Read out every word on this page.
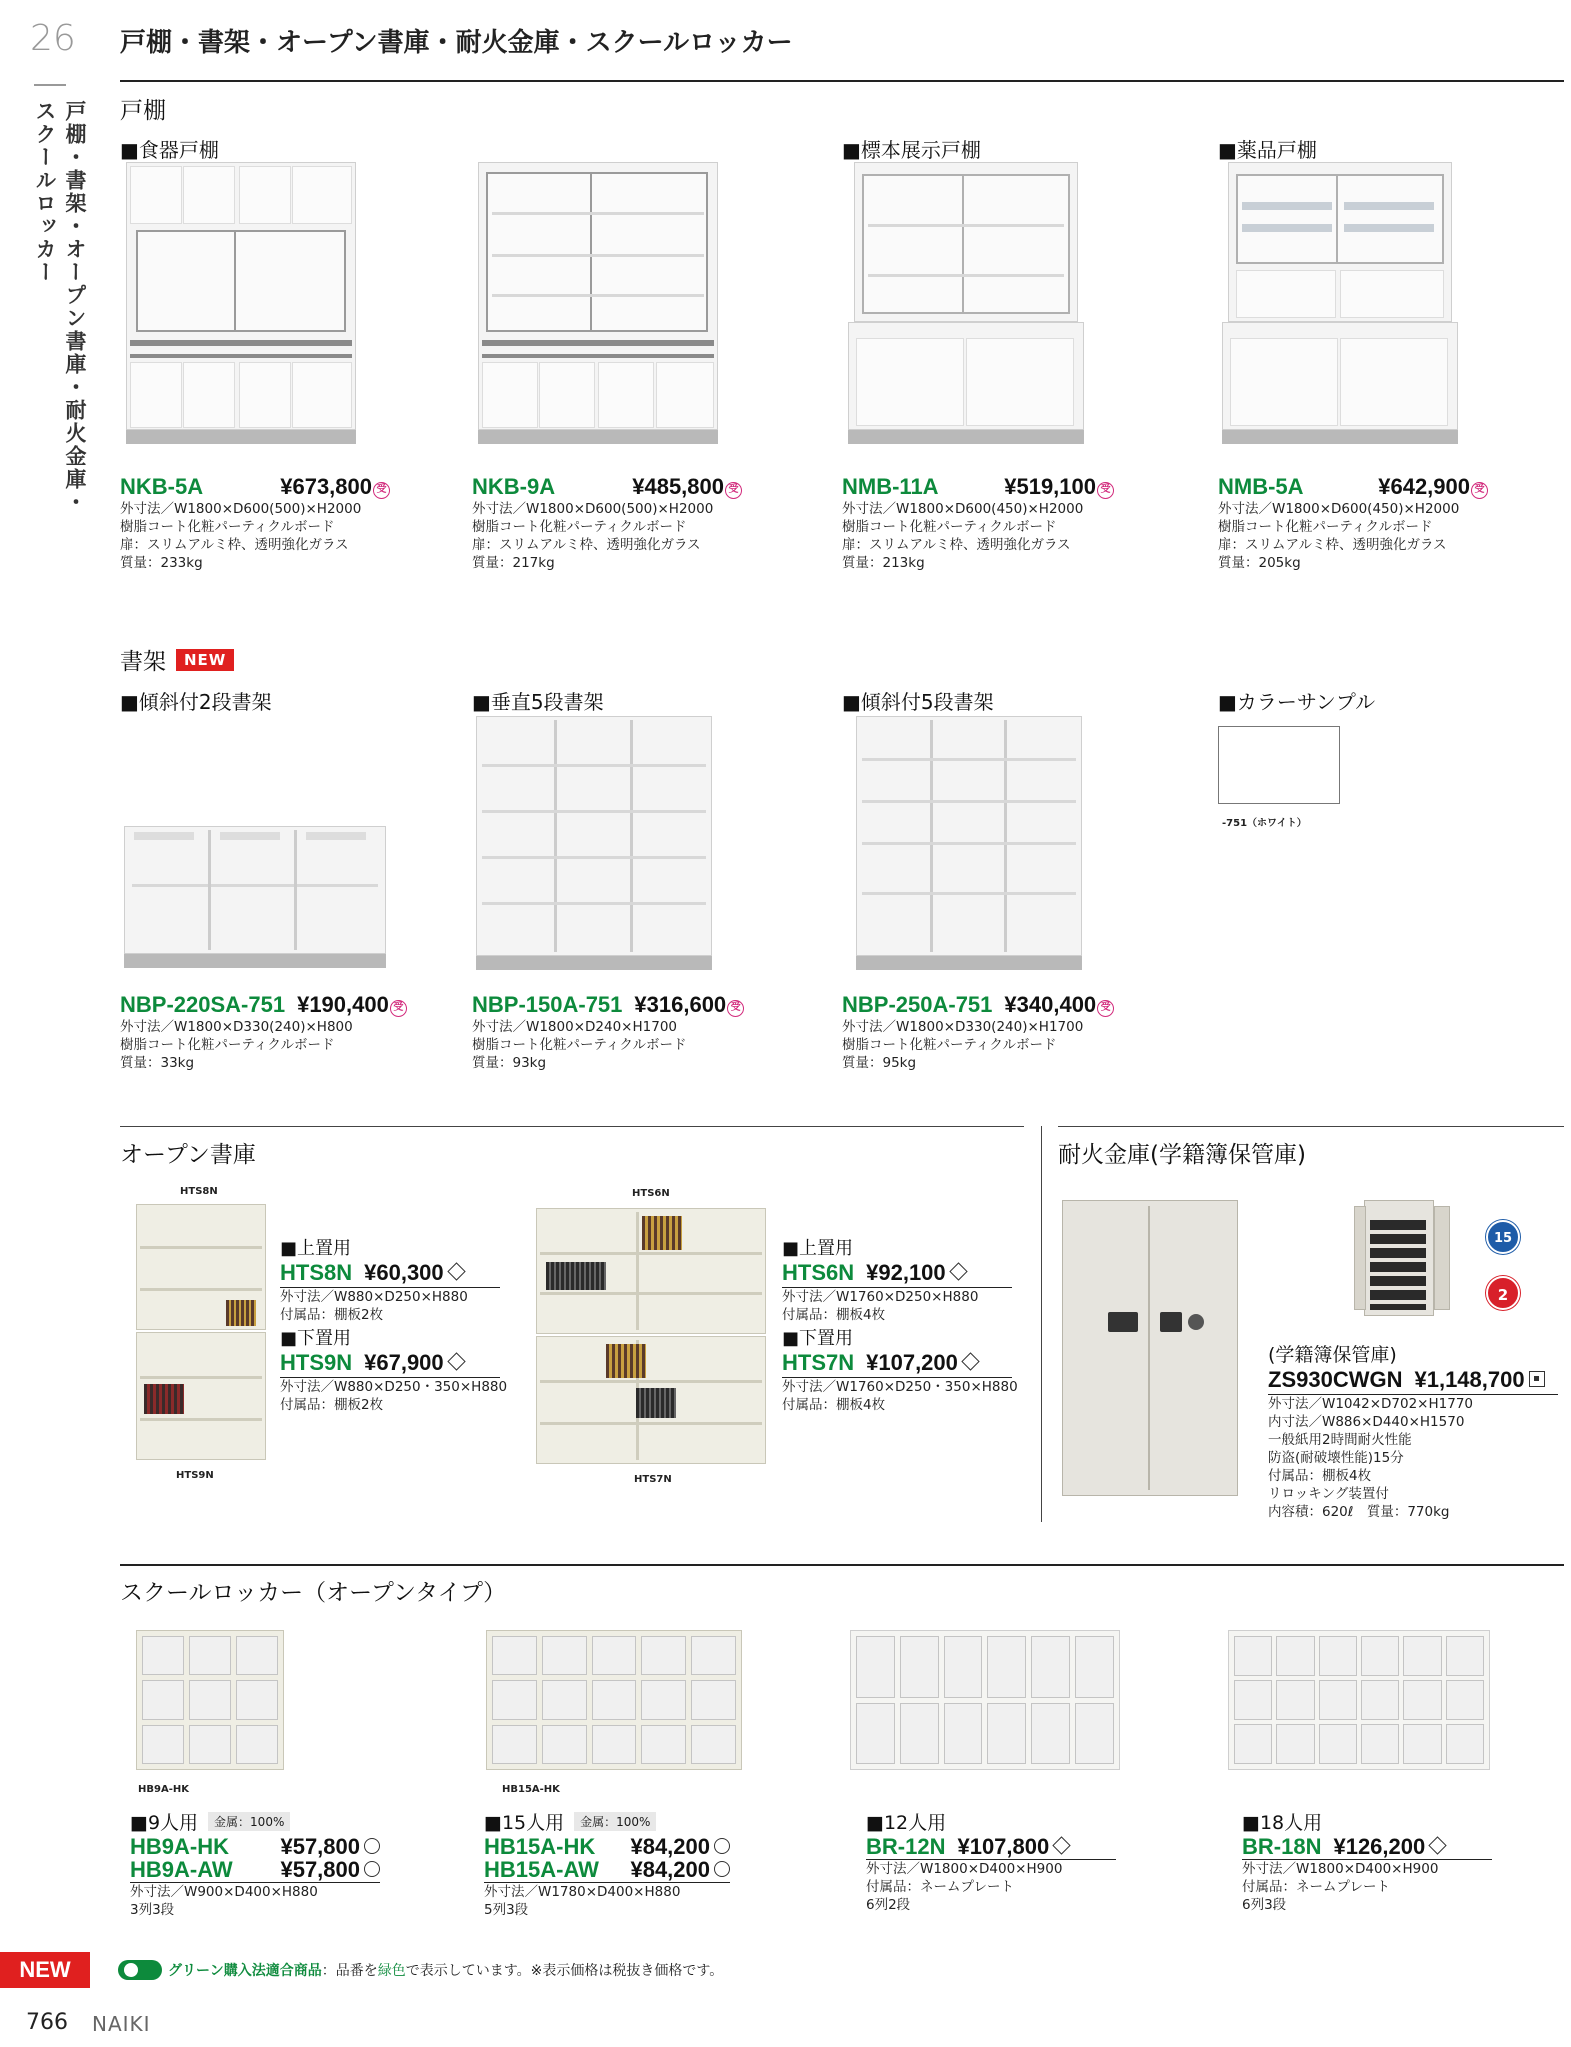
26
戸棚・書架・オープン書庫・耐火金庫・スクールロッカー
戸棚・書架・オープン書庫・耐火金庫・スクールロッカー
戸棚
■食器戸棚	■標本展示戸棚	■薬品戸棚
NKB-5A	¥673,800 受
外寸法／W1800×D600(500)×H2000
樹脂コート化粧パーティクルボード
扉：スリムアルミ枠、透明強化ガラス
質量：233kg
NKB-9A	¥485,800 受
外寸法／W1800×D600(500)×H2000
樹脂コート化粧パーティクルボード
扉：スリムアルミ枠、透明強化ガラス
質量：217kg
NMB-11A	¥519,100 受
外寸法／W1800×D600(450)×H2000
樹脂コート化粧パーティクルボード
扉：スリムアルミ枠、透明強化ガラス
質量：213kg
NMB-5A	¥642,900 受
外寸法／W1800×D600(450)×H2000
樹脂コート化粧パーティクルボード
扉：スリムアルミ枠、透明強化ガラス
質量：205kg
書架	NEW
■傾斜付2段書架	■垂直5段書架	■傾斜付5段書架	■カラーサンプル
-751（ホワイト）
NBP-220SA-751 ¥190,400 受
外寸法／W1800×D330(240)×H800
樹脂コート化粧パーティクルボード
質量：33kg
NBP-150A-751 ¥316,600 受
外寸法／W1800×D240×H1700
樹脂コート化粧パーティクルボード
質量：93kg
NBP-250A-751 ¥340,400 受
外寸法／W1800×D330(240)×H1700
樹脂コート化粧パーティクルボード
質量：95kg
オープン書庫	耐火金庫(学籍簿保管庫)
HTS8N
HTS9N
■上置用
HTS8N ¥60,300
外寸法／W880×D250×H880
付属品：棚板2枚
■下置用
HTS9N ¥67,900
外寸法／W880×D250・350×H880
付属品：棚板2枚
HTS6N
HTS7N
■上置用
HTS6N ¥92,100
外寸法／W1760×D250×H880
付属品：棚板4枚
■下置用
HTS7N ¥107,200
外寸法／W1760×D250・350×H880
付属品：棚板4枚
15
2
(学籍簿保管庫)
ZS930CWGN ¥1,148,700
外寸法／W1042×D702×H1770
内寸法／W886×D440×H1570
一般紙用2時間耐火性能
防盗(耐破壊性能)15分
付属品：棚板4枚
リロッキング装置付
内容積：620ℓ　質量：770kg
スクールロッカー（オープンタイプ）
HB9A-HK	HB15A-HK
■9人用	金属：100%
HB9A-HK ¥57,800
HB9A-AW ¥57,800
外寸法／W900×D400×H880
3列3段
■15人用	金属：100%
HB15A-HK ¥84,200
HB15A-AW ¥84,200
外寸法／W1780×D400×H880
5列3段
■12人用
BR-12N ¥107,800
外寸法／W1800×D400×H900
付属品：ネームプレート
6列2段
■18人用
BR-18N ¥126,200
外寸法／W1800×D400×H900
付属品：ネームプレート
6列3段
NEW	グリーン購入法適合商品 ：品番を 緑色 で表示しています。※表示価格は税抜き価格です。
766 NAIKI
